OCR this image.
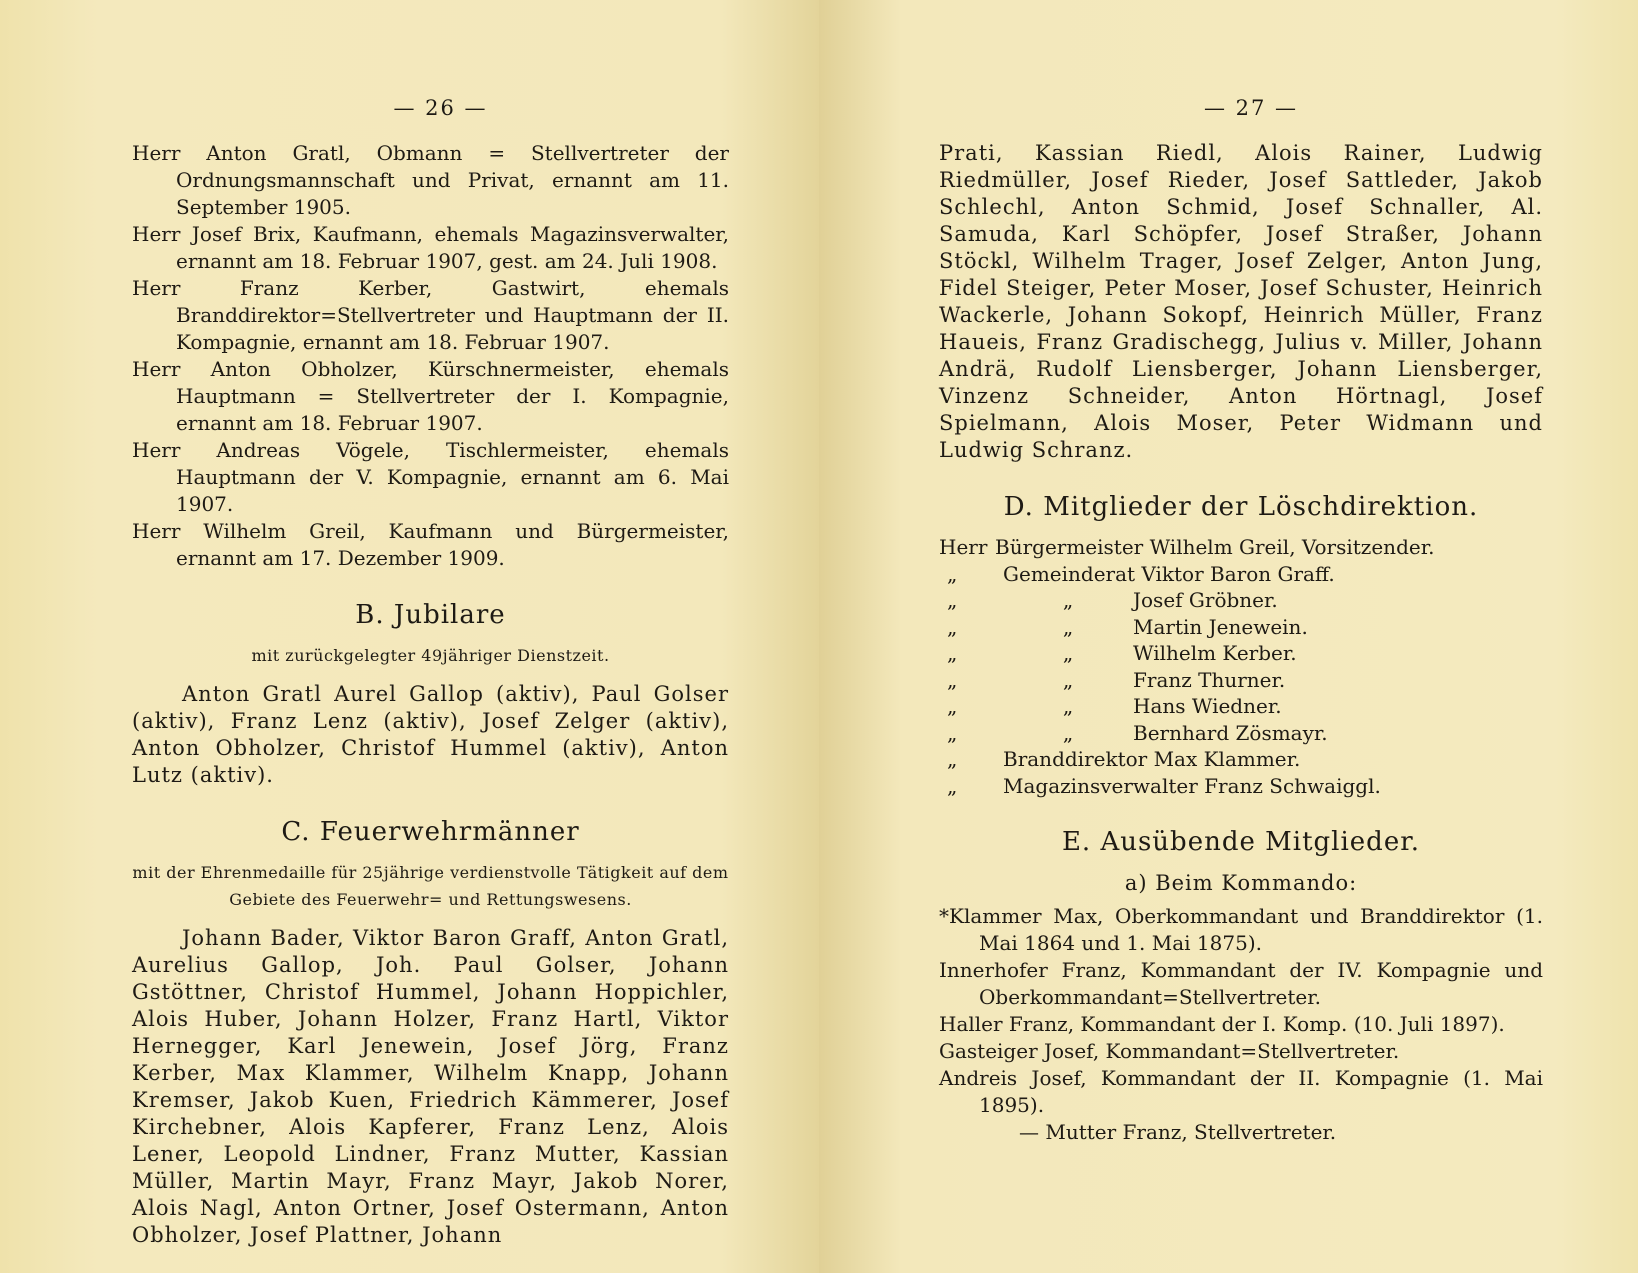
— 26 —

Herr Anton Gratl, Obmann = Stellvertreter der Ordnungsmannschaft und Privat, ernannt am 11. September 1905.

Herr Josef Brix, Kaufmann, ehemals Magazinsverwalter, ernannt am 18. Februar 1907, gest. am 24. Juli 1908.

Herr Franz Kerber, Gastwirt, ehemals Branddirektor=Stellvertreter und Hauptmann der II. Kompagnie, ernannt am 18. Februar 1907.

Herr Anton Obholzer, Kürschnermeister, ehemals Hauptmann = Stellvertreter der I. Kompagnie, ernannt am 18. Februar 1907.

Herr Andreas Vögele, Tischlermeister, ehemals Hauptmann der V. Kompagnie, ernannt am 6. Mai 1907.

Herr Wilhelm Greil, Kaufmann und Bürgermeister, ernannt am 17. Dezember 1909.

B. Jubilare
mit zurückgelegter 49jähriger Dienstzeit.

Anton Gratl Aurel Gallop (aktiv), Paul Golser (aktiv), Franz Lenz (aktiv), Josef Zelger (aktiv), Anton Obholzer, Christof Hummel (aktiv), Anton Lutz (aktiv).

C. Feuerwehrmänner
mit der Ehrenmedaille für 25jährige verdienstvolle Tätigkeit auf dem Gebiete des Feuerwehr= und Rettungswesens.

Johann Bader, Viktor Baron Graff, Anton Gratl, Aurelius Gallop, Joh. Paul Golser, Johann Gstöttner, Christof Hummel, Johann Hoppichler, Alois Huber, Johann Holzer, Franz Hartl, Viktor Hernegger, Karl Jenewein, Josef Jörg, Franz Kerber, Max Klammer, Wilhelm Knapp, Johann Kremser, Jakob Kuen, Friedrich Kämmerer, Josef Kirchebner, Alois Kapferer, Franz Lenz, Alois Lener, Leopold Lindner, Franz Mutter, Kassian Müller, Martin Mayr, Franz Mayr, Jakob Norer, Alois Nagl, Anton Ortner, Josef Ostermann, Anton Obholzer, Josef Plattner, Johann

— 27 —

Prati, Kassian Riedl, Alois Rainer, Ludwig Riedmüller, Josef Rieder, Josef Sattleder, Jakob Schlechl, Anton Schmid, Josef Schnaller, Al. Samuda, Karl Schöpfer, Josef Straßer, Johann Stöckl, Wilhelm Trager, Josef Zelger, Anton Jung, Fidel Steiger, Peter Moser, Josef Schuster, Heinrich Wackerle, Johann Sokopf, Heinrich Müller, Franz Haueis, Franz Gradischegg, Julius v. Miller, Johann Andrä, Rudolf Liensberger, Johann Liensberger, Vinzenz Schneider, Anton Hörtnagl, Josef Spielmann, Alois Moser, Peter Widmann und Ludwig Schranz.

D. Mitglieder der Löschdirektion.
Herr Bürgermeister Wilhelm Greil, Vorsitzender.
„	Gemeinderat Viktor Baron Graff.
„	„	Josef Gröbner.
„	„	Martin Jenewein.
„	„	Wilhelm Kerber.
„	„	Franz Thurner.
„	„	Hans Wiedner.
„	„	Bernhard Zösmayr.
„	Branddirektor Max Klammer.
„	Magazinsverwalter Franz Schwaiggl.
E. Ausübende Mitglieder.
a) Beim Kommando:

*Klammer Max, Oberkommandant und Branddirektor (1. Mai 1864 und 1. Mai 1875).

Innerhofer Franz, Kommandant der IV. Kompagnie und Oberkommandant=Stellvertreter.

Haller Franz, Kommandant der I. Komp. (10. Juli 1897).

Gasteiger Josef, Kommandant=Stellvertreter.

Andreis Josef, Kommandant der II. Kompagnie (1. Mai 1895).

— Mutter Franz, Stellvertreter.
